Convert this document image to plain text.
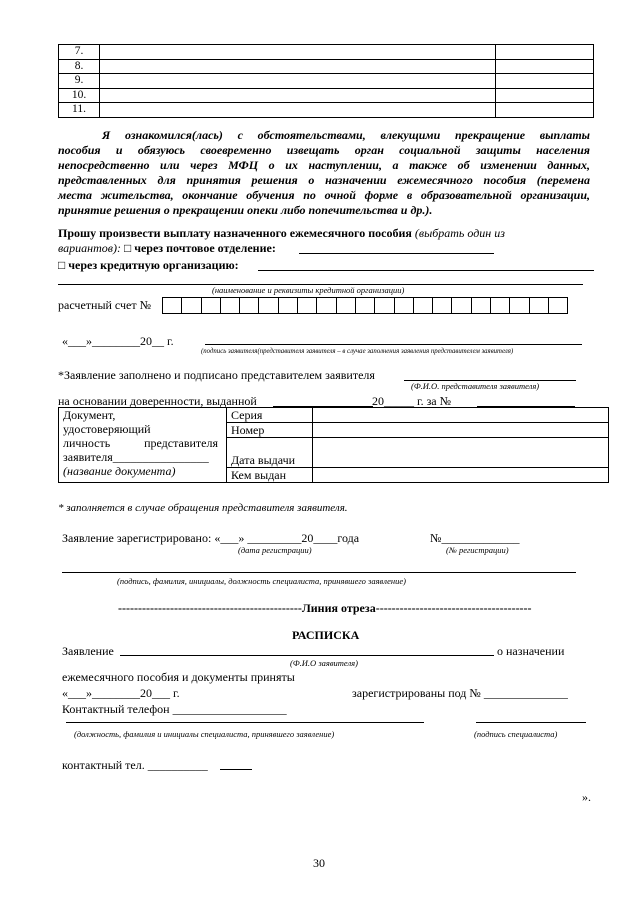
7.		
8.		
9.		
10.		
11.		
Я ознакомился(лась) с обстоятельствами, влекущими прекращение выплаты
пособия и обязуюсь своевременно извещать орган социальной защиты населения
непосредственно или через МФЦ о их наступлении, а также об изменении данных,
представленных для принятия решения о назначении ежемесячного пособия (перемена
места жительства, окончание обучения по очной форме в образовательной организации,
принятие решения о прекращении опеки либо попечительства и др.).
Прошу произвести выплату назначенного ежемесячного пособия (выбрать один из
вариантов): □ через почтовое отделение:
□ через кредитную организацию:
(наименование и реквизиты кредитной организации)
расчетный счет №
«___»________20__ г.
(подпись заявителя(представителя заявителя – в случае заполнения заявления представителем заявителя)
*Заявление заполнено и подписано представителем заявителя
(Ф.И.О. представителя заявителя)
на основании доверенности, выданной	20_____ г. за №
Документ,
удостоверяющий
личность представителя
заявителя________________
(название документа)	Серия	
	Номер	
	Дата выдачи	
	Кем выдан	
* заполняется в случае обращения представителя заявителя.
Заявление зарегистрировано: «___» _________20____года	№_____________
(дата регистрации)	(№ регистрации)
(подпись, фамилия, инициалы, должность специалиста, принявшего заявление)
----------------------------------------------Линия отреза---------------------------------------
РАСПИСКА
Заявление	о назначении
(Ф.И.О заявителя)
ежемесячного пособия и документы приняты
«___»________20___ г.	зарегистрированы под № ______________
Контактный телефон ___________________
(должность, фамилия и инициалы специалиста, принявшего заявление)	(подпись специалиста)
контактный тел. __________
».
30
